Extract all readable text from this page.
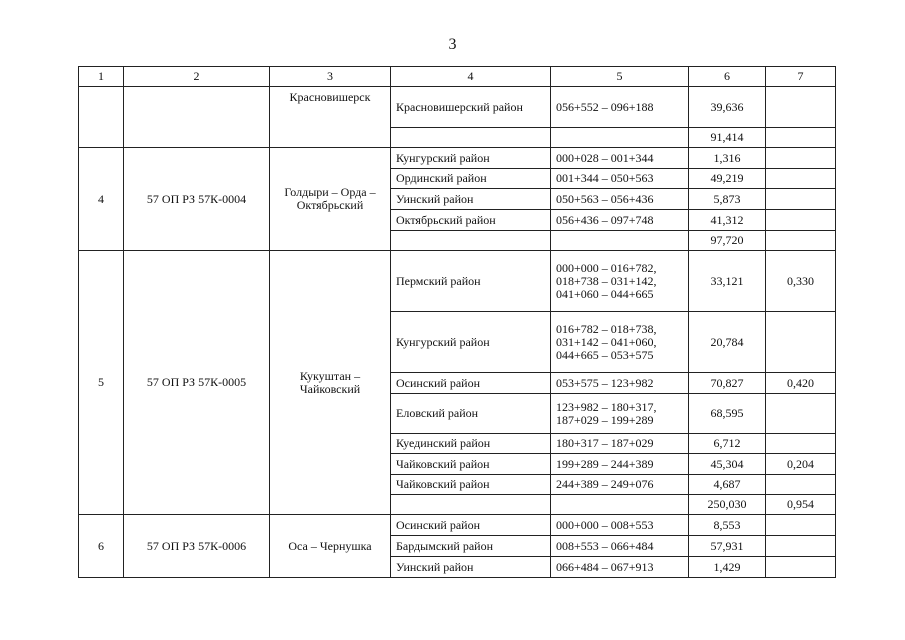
3
1	2	3	4	5	6	7
		Красновишерск	Красновишерский район	056+552 – 096+188	39,636	
					91,414	
4	57 ОП РЗ 57К-0004	Голдыри – Орда – Октябрьский	Кунгурский район	000+028 – 001+344	1,316	
			Ординский район	001+344 – 050+563	49,219	
			Уинский район	050+563 – 056+436	5,873	
			Октябрьский район	056+436 – 097+748	41,312	
					97,720	
5	57 ОП РЗ 57К-0005	Кукуштан – Чайковский	Пермский район	000+000 – 016+782, 018+738 – 031+142, 041+060 – 044+665	33,121	0,330
			Кунгурский район	016+782 – 018+738, 031+142 – 041+060, 044+665 – 053+575	20,784	
			Осинский район	053+575 – 123+982	70,827	0,420
			Еловский район	123+982 – 180+317, 187+029 – 199+289	68,595	
			Куединский район	180+317 – 187+029	6,712	
			Чайковский район	199+289 – 244+389	45,304	0,204
			Чайковский район	244+389 – 249+076	4,687	
					250,030	0,954
6	57 ОП РЗ 57К-0006	Оса – Чернушка	Осинский район	000+000 – 008+553	8,553	
			Бардымский район	008+553 – 066+484	57,931	
			Уинский район	066+484 – 067+913	1,429	
